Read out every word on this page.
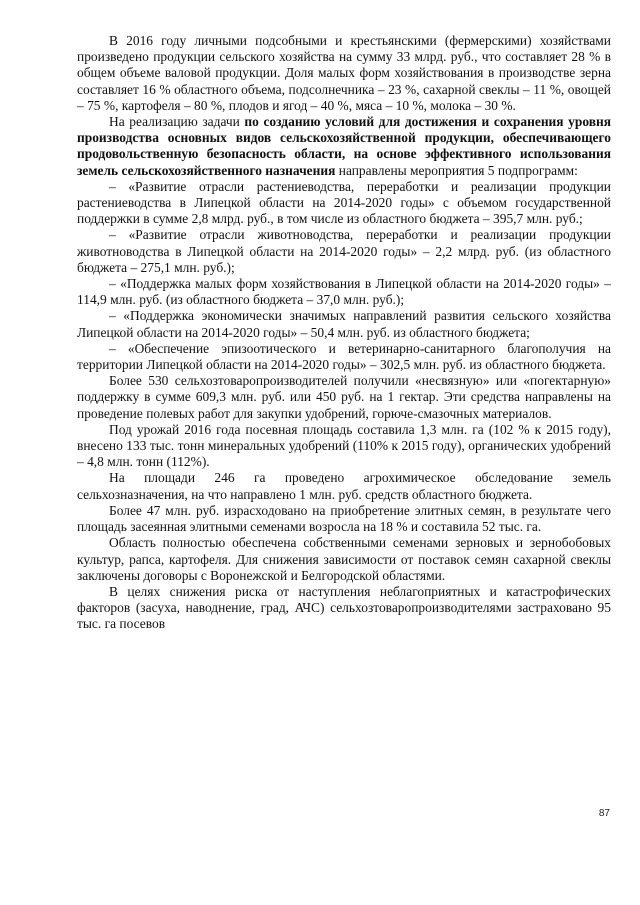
В 2016 году личными подсобными и крестьянскими (фермерскими) хозяйствами произведено продукции сельского хозяйства на сумму 33 млрд. руб., что составляет 28 % в общем объеме валовой продукции. Доля малых форм хозяйствования в производстве зерна составляет 16 % областного объема, подсолнечника – 23 %, сахарной свеклы – 11 %, овощей – 75 %, картофеля – 80 %, плодов и ягод – 40 %, мяса – 10 %, молока – 30 %.

На реализацию задачи по созданию условий для достижения и сохранения уровня производства основных видов сельскохозяйственной продукции, обеспечивающего продовольственную безопасность области, на основе эффективного использования земель сельскохозяйственного назначения направлены мероприятия 5 подпрограмм:

– «Развитие отрасли растениеводства, переработки и реализации продукции растениеводства в Липецкой области на 2014-2020 годы» с объемом государственной поддержки в сумме 2,8 млрд. руб., в том числе из областного бюджета – 395,7 млн. руб.;

– «Развитие отрасли животноводства, переработки и реализации продукции животноводства в Липецкой области на 2014-2020 годы» – 2,2 млрд. руб. (из областного бюджета – 275,1 млн. руб.);

– «Поддержка малых форм хозяйствования в Липецкой области на 2014-2020 годы» – 114,9 млн. руб. (из областного бюджета – 37,0 млн. руб.);

– «Поддержка экономически значимых направлений развития сельского хозяйства Липецкой области на 2014-2020 годы» – 50,4 млн. руб. из областного бюджета;

– «Обеспечение эпизоотического и ветеринарно-санитарного благополучия на территории Липецкой области на 2014-2020 годы» – 302,5 млн. руб. из областного бюджета.

Более 530 сельхозтоваропроизводителей получили «несвязную» или «погектарную» поддержку в сумме 609,3 млн. руб. или 450 руб. на 1 гектар. Эти средства направлены на проведение полевых работ для закупки удобрений, горюче-смазочных материалов.

Под урожай 2016 года посевная площадь составила 1,3 млн. га (102 % к 2015 году), внесено 133 тыс. тонн минеральных удобрений (110% к 2015 году), органических удобрений – 4,8 млн. тонн (112%).

На площади 246 га проведено агрохимическое обследование земель сельхозназначения, на что направлено 1 млн. руб. средств областного бюджета.

Более 47 млн. руб. израсходовано на приобретение элитных семян, в результате чего площадь засеянная элитными семенами возросла на 18 % и составила 52 тыс. га.

Область полностью обеспечена собственными семенами зерновых и зернобобовых культур, рапса, картофеля. Для снижения зависимости от поставок семян сахарной свеклы заключены договоры с Воронежской и Белгородской областями.

В целях снижения риска от наступления неблагоприятных и катастрофических факторов (засуха, наводнение, град, АЧС) сельхозтоваропроизводителями застраховано 95 тыс. га посевов

87
